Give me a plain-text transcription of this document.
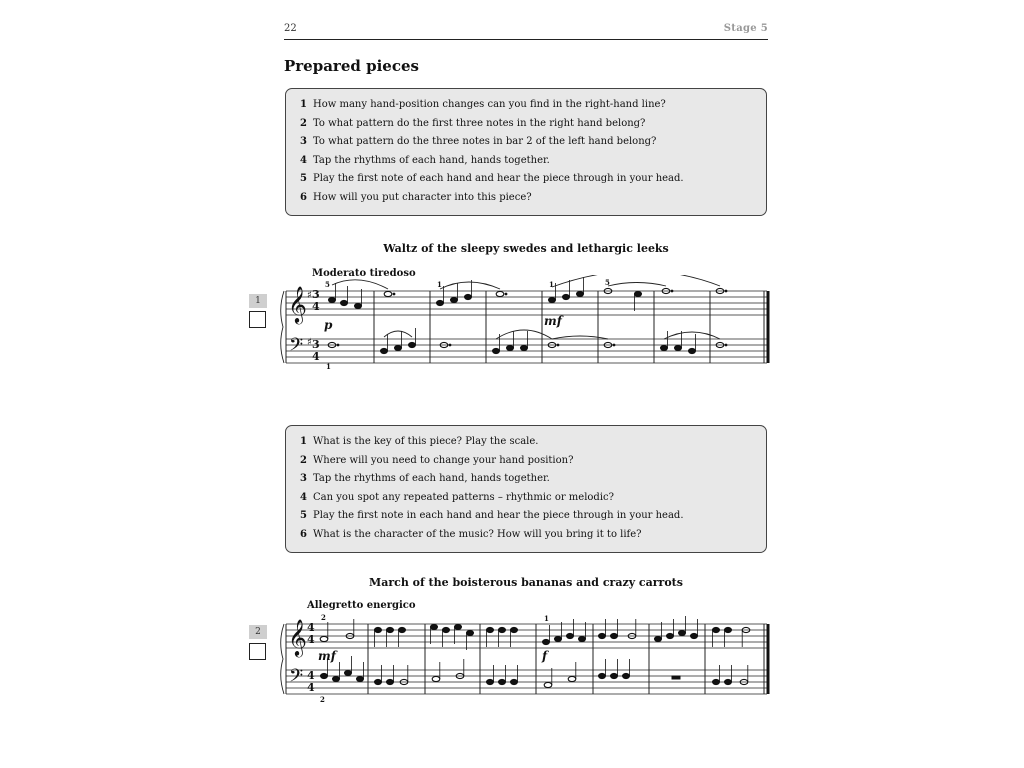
22	Stage 5
Prepared pieces
1 How many hand-position changes can you find in the right-hand line?
2 To what pattern do the first three notes in the right hand belong?
3 To what pattern do the three notes in bar 2 of the left hand belong?
4 Tap the rhythms of each hand, hands together.
5 Play the first note of each hand and hear the piece through in your head.
6 How will you put character into this piece?
Waltz of the sleepy swedes and lethargic leeks
Moderato tiredoso
1 𝄞
𝄢
♯
♯
3 4
3 4
p	mf
5	1	1	5
1
1 What is the key of this piece? Play the scale.
2 Where will you need to change your hand position?
3 Tap the rhythms of each hand, hands together.
4 Can you spot any repeated patterns – rhythmic or melodic?
5 Play the first note in each hand and hear the piece through in your head.
6 What is the character of the music? How will you bring it to life?
March of the boisterous bananas and crazy carrots
Allegretto energico
2 𝄞
𝄢
4 4
4 4
mf	f
2	1
2
